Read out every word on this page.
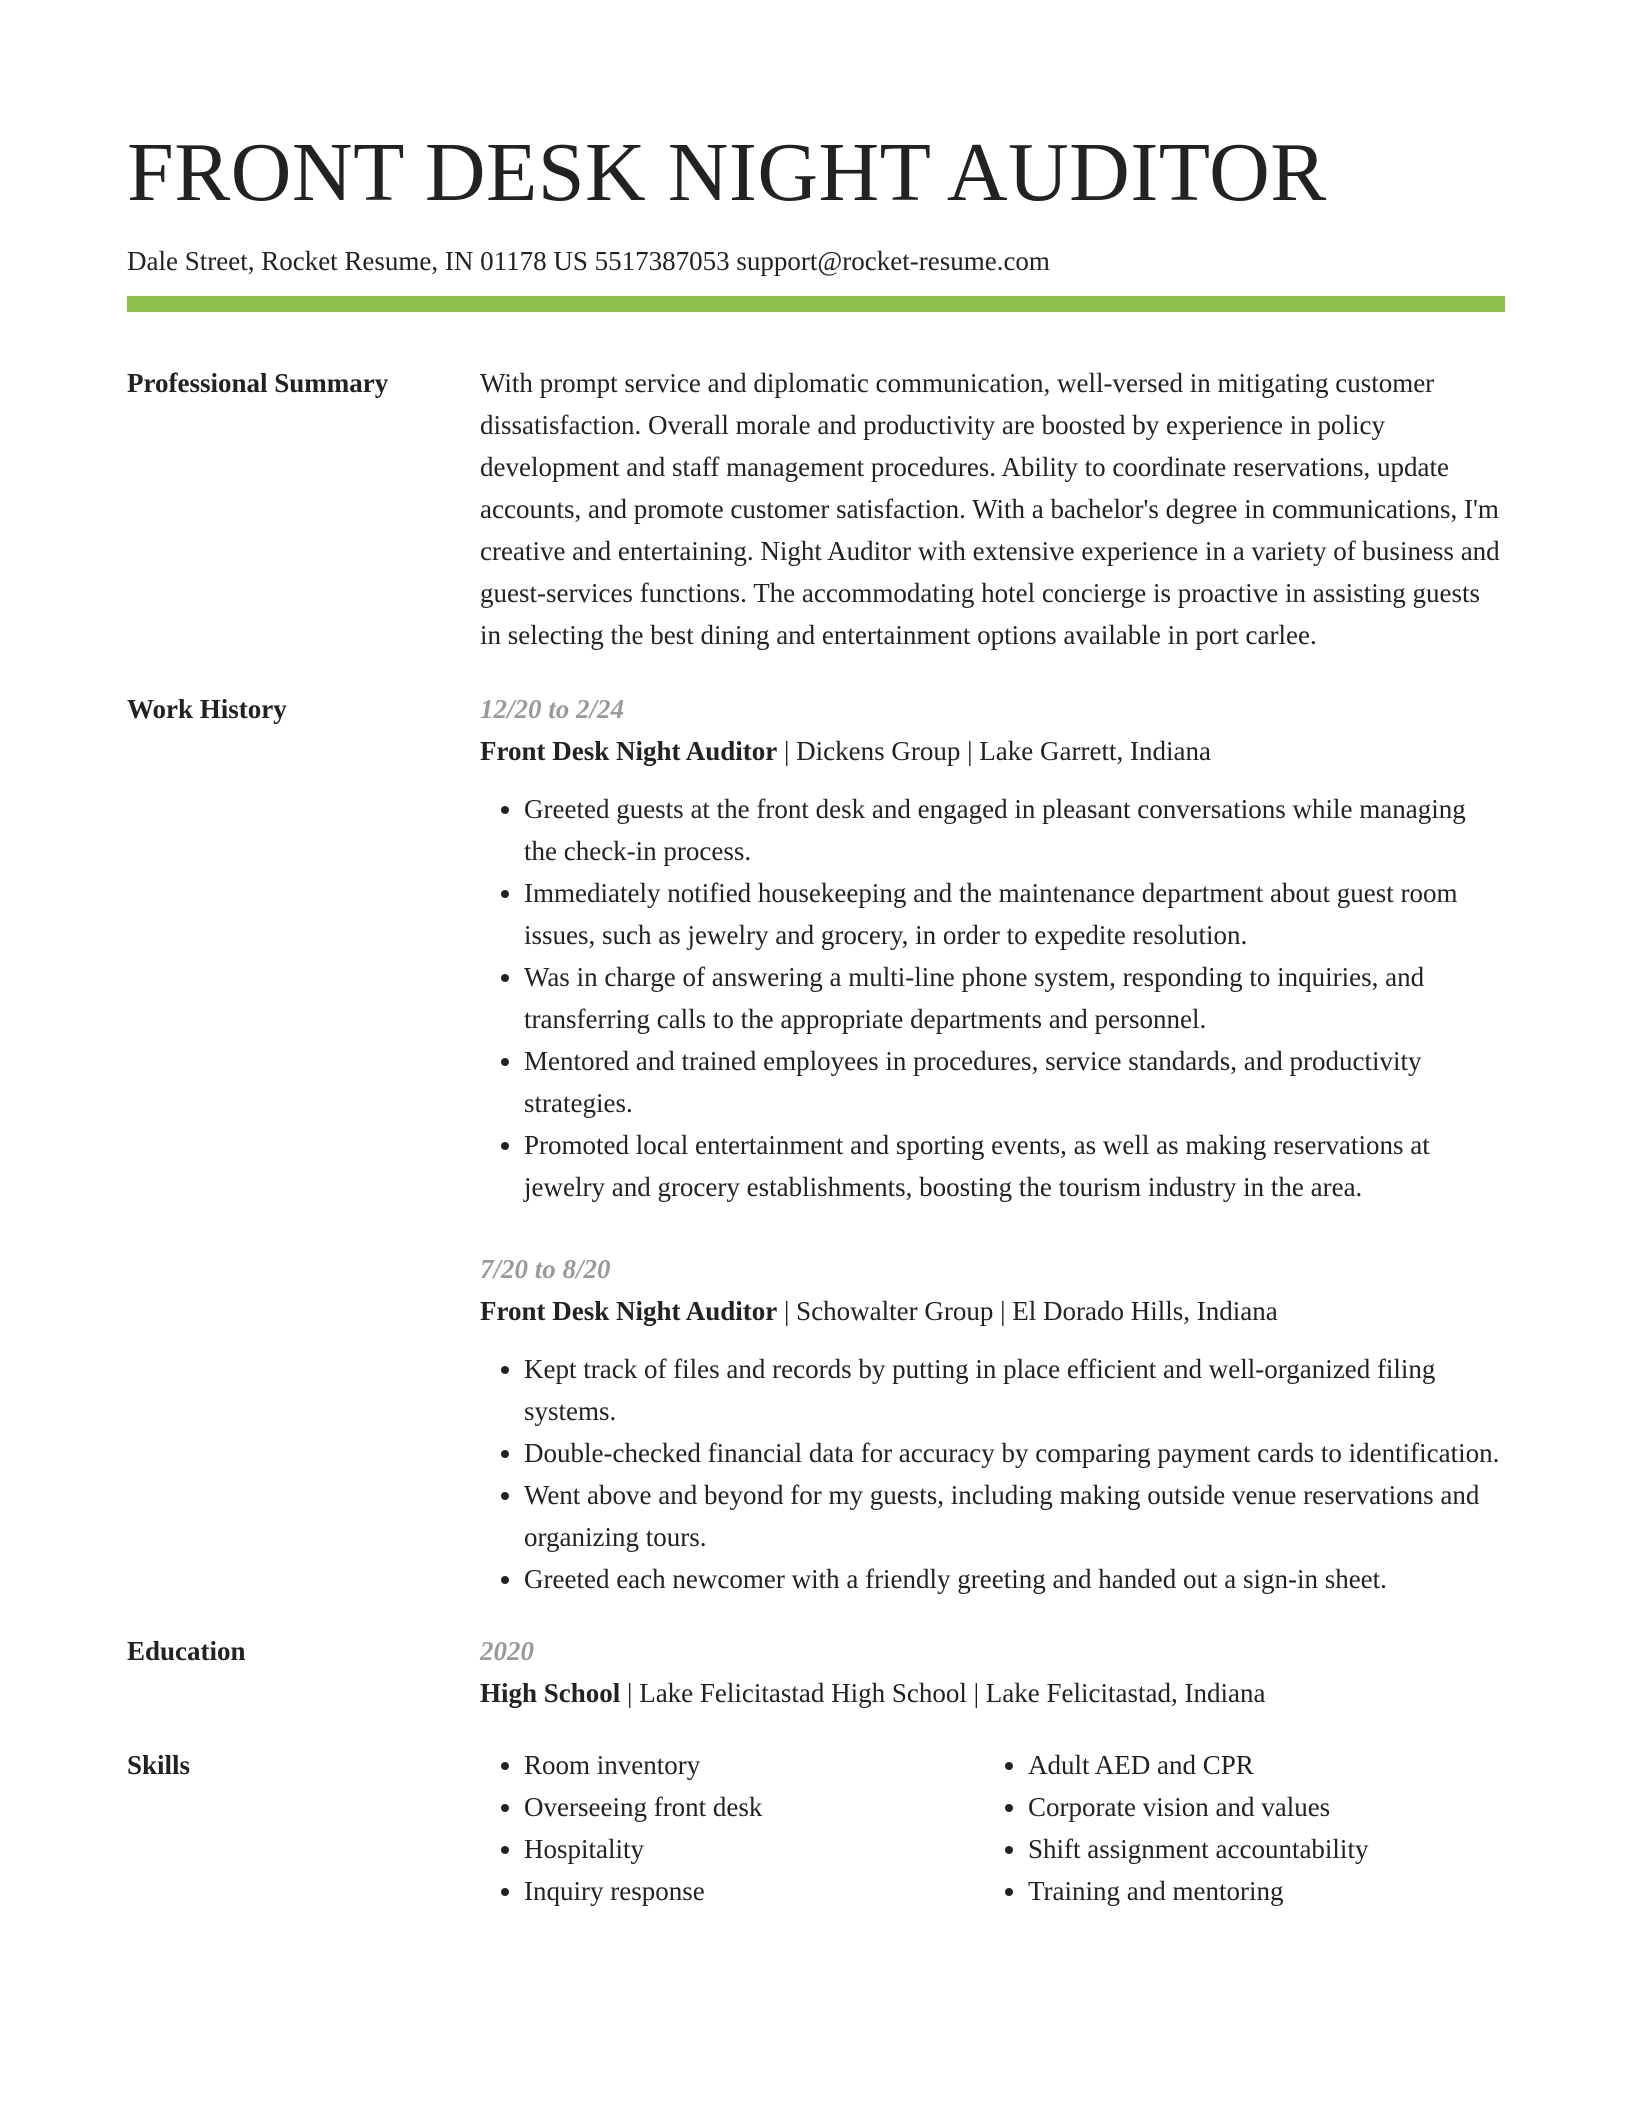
FRONT DESK NIGHT AUDITOR
Dale Street, Rocket Resume, IN 01178 US 5517387053 support@rocket-resume.com
Professional Summary	With prompt service and diplomatic communication, well-versed in mitigating customer dissatisfaction. Overall morale and productivity are boosted by experience in policy development and staff management procedures. Ability to coordinate reservations, update accounts, and promote customer satisfaction. With a bachelor's degree in communications, I'm creative and entertaining. Night Auditor with extensive experience in a variety of business and guest-services functions. The accommodating hotel concierge is proactive in assisting guests in selecting the best dining and entertainment options available in port carlee.

Work History	12/20 to 2/24
Front Desk Night Auditor | Dickens Group | Lake Garrett, Indiana
• Greeted guests at the front desk and engaged in pleasant conversations while managing the check-in process.
• Immediately notified housekeeping and the maintenance department about guest room issues, such as jewelry and grocery, in order to expedite resolution.
• Was in charge of answering a multi-line phone system, responding to inquiries, and transferring calls to the appropriate departments and personnel.
• Mentored and trained employees in procedures, service standards, and productivity strategies.
• Promoted local entertainment and sporting events, as well as making reservations at jewelry and grocery establishments, boosting the tourism industry in the area.
7/20 to 8/20
Front Desk Night Auditor | Schowalter Group | El Dorado Hills, Indiana
• Kept track of files and records by putting in place efficient and well-organized filing systems.
• Double-checked financial data for accuracy by comparing payment cards to identification.
• Went above and beyond for my guests, including making outside venue reservations and organizing tours.
• Greeted each newcomer with a friendly greeting and handed out a sign-in sheet.
Education	2020
High School | Lake Felicitastad High School | Lake Felicitastad, Indiana
Skills
•	Room inventory
• Overseeing front desk
• Hospitality
• Inquiry response
• Adult AED and CPR
• Corporate vision and values
• Shift assignment accountability
• Training and mentoring
